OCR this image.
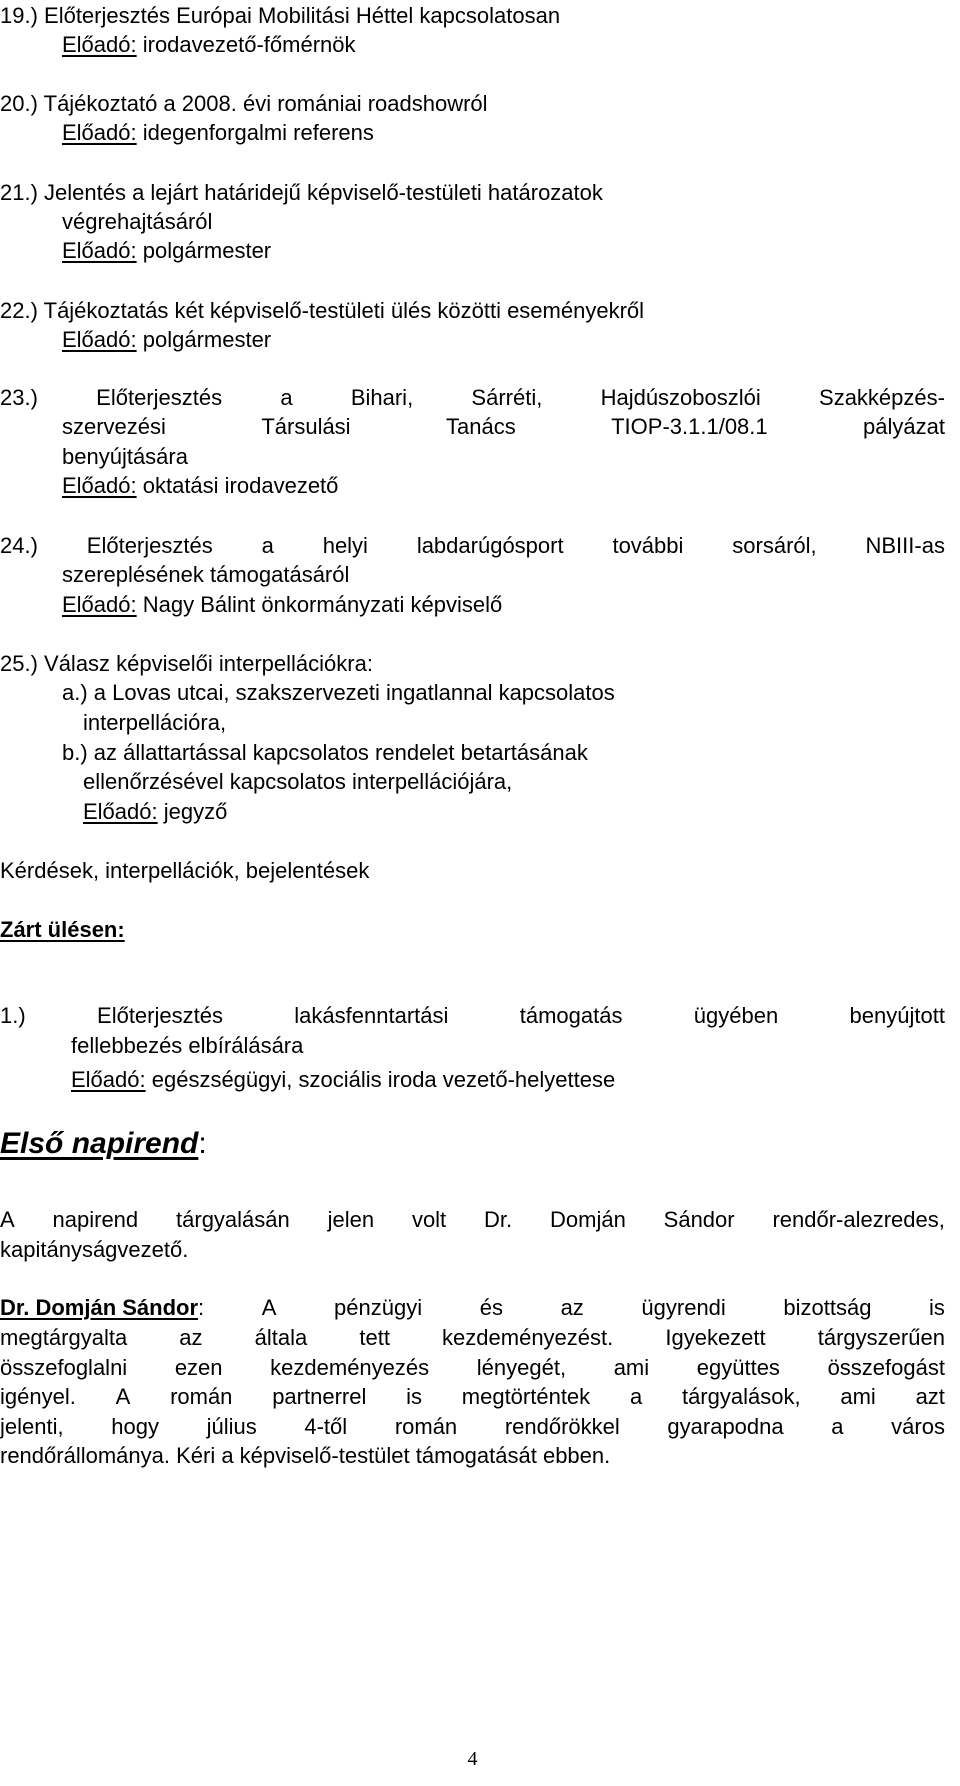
19.) Előterjesztés Európai Mobilitási Héttel kapcsolatosan
Előadó: irodavezető-főmérnök
20.) Tájékoztató a 2008. évi romániai roadshowról
Előadó: idegenforgalmi referens
21.) Jelentés a lejárt határidejű képviselő-testületi határozatok
végrehajtásáról
Előadó: polgármester
22.) Tájékoztatás két képviselő-testületi ülés közötti eseményekről
Előadó: polgármester
23.)	Előterjesztés	a	Bihari,	Sárréti,	Hajdúszoboszlói	Szakképzés-
szervezési	Társulási	Tanács	TIOP-3.1.1/08.1	pályázat
benyújtására
Előadó: oktatási irodavezető
24.) Előterjesztés a helyi labdarúgósport további sorsáról, NBIII-as
szereplésének támogatásáról
Előadó: Nagy Bálint önkormányzati képviselő
25.) Válasz képviselői interpellációkra:
a.) a Lovas utcai, szakszervezeti ingatlannal kapcsolatos
interpellációra,
b.) az állattartással kapcsolatos rendelet betartásának
ellenőrzésével kapcsolatos interpellációjára,
Előadó: jegyző
Kérdések, interpellációk, bejelentések
Zárt ülésen:
1.)	Előterjesztés	lakásfenntartási	támogatás	ügyében	benyújtott
fellebbezés elbírálására
Előadó: egészségügyi, szociális iroda vezető-helyettese
Első napirend:
A napirend tárgyalásán jelen volt Dr. Domján Sándor rendőr-alezredes,
kapitányságvezető.
Dr. Domján Sándor:	A	pénzügyi	és	az	ügyrendi	bizottság	is
megtárgyalta az általa tett kezdeményezést. Igyekezett tárgyszerűen
összefoglalni ezen kezdeményezés lényegét, ami együttes összefogást
igényel. A román partnerrel is megtörténtek a tárgyalások, ami azt
jelenti, hogy július 4-től román rendőrökkel gyarapodna a város
rendőrállománya. Kéri a képviselő-testület támogatását ebben.
4
